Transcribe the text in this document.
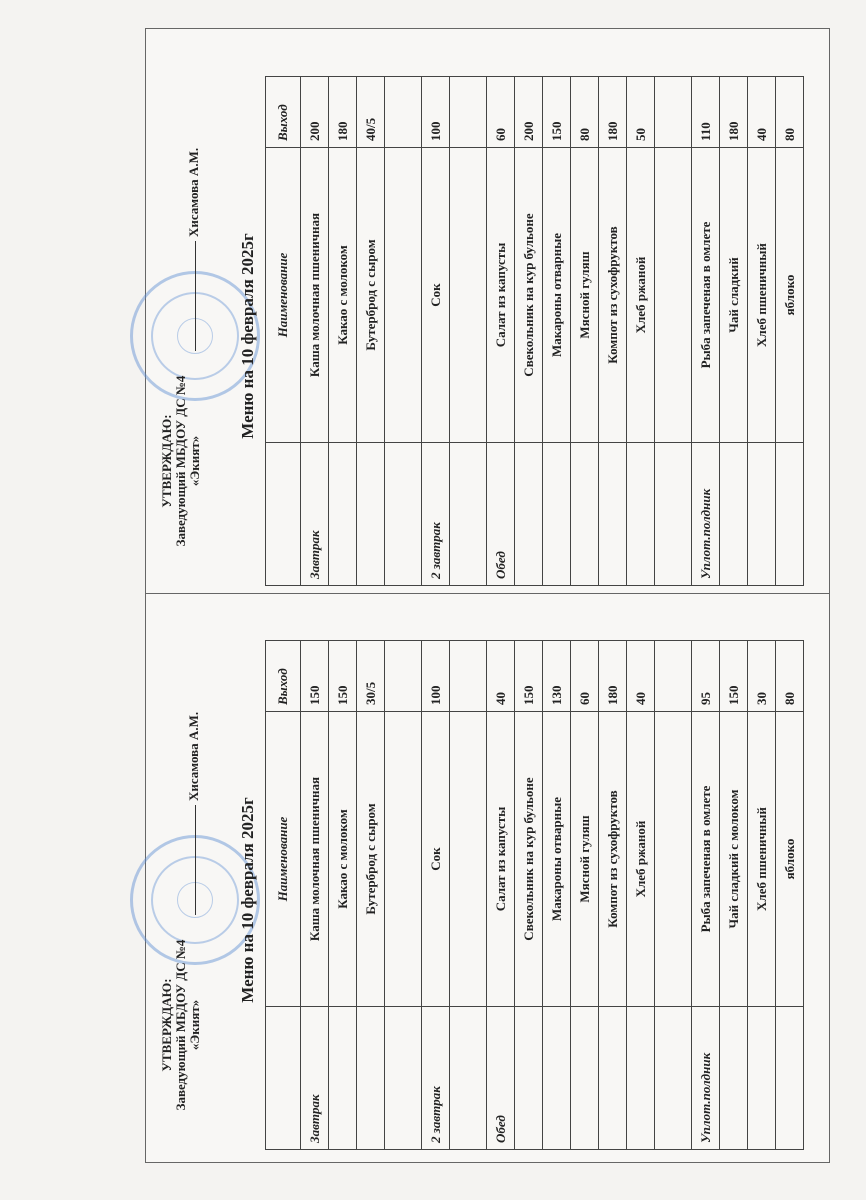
УТВЕРЖДАЮ: Заведующий МБДОУ ДС №4 «Экият»
Хисамова А.М.
Меню на 10 февраля 2025г
	Наименование	Выход
Завтрак	Каша молочная пшеничная	200
	Какао с молоком	180
	Бутерброд с сыром	40/5

2 завтрак	Сок	100

Обед	Салат из капусты	60
	Свекольник на кур бульоне	200
	Макароны отварные	150
	Мясной гуляш	80
	Компот из сухофруктов	180
	Хлеб ржаной	50

Уплот.полдник	Рыба запеченая в омлете	110
	Чай сладкий	180
	Хлеб пшеничный	40
	яблоко	80
УТВЕРЖДАЮ: Заведующий МБДОУ ДС №4 «Экият»
Хисамова А.М.
Меню на 10 февраля 2025г
	Наименование	Выход
Завтрак	Каша молочная пшеничная	150
	Какао с молоком	150
	Бутерброд с сыром	30/5

2 завтрак	Сок	100

Обед	Салат из капусты	40
	Свекольник на кур бульоне	150
	Макароны отварные	130
	Мясной гуляш	60
	Компот из сухофруктов	180
	Хлеб ржаной	40

Уплот.полдник	Рыба запеченая в омлете	95
	Чай сладкий с молоком	150
	Хлеб пшеничный	30
	яблоко	80
